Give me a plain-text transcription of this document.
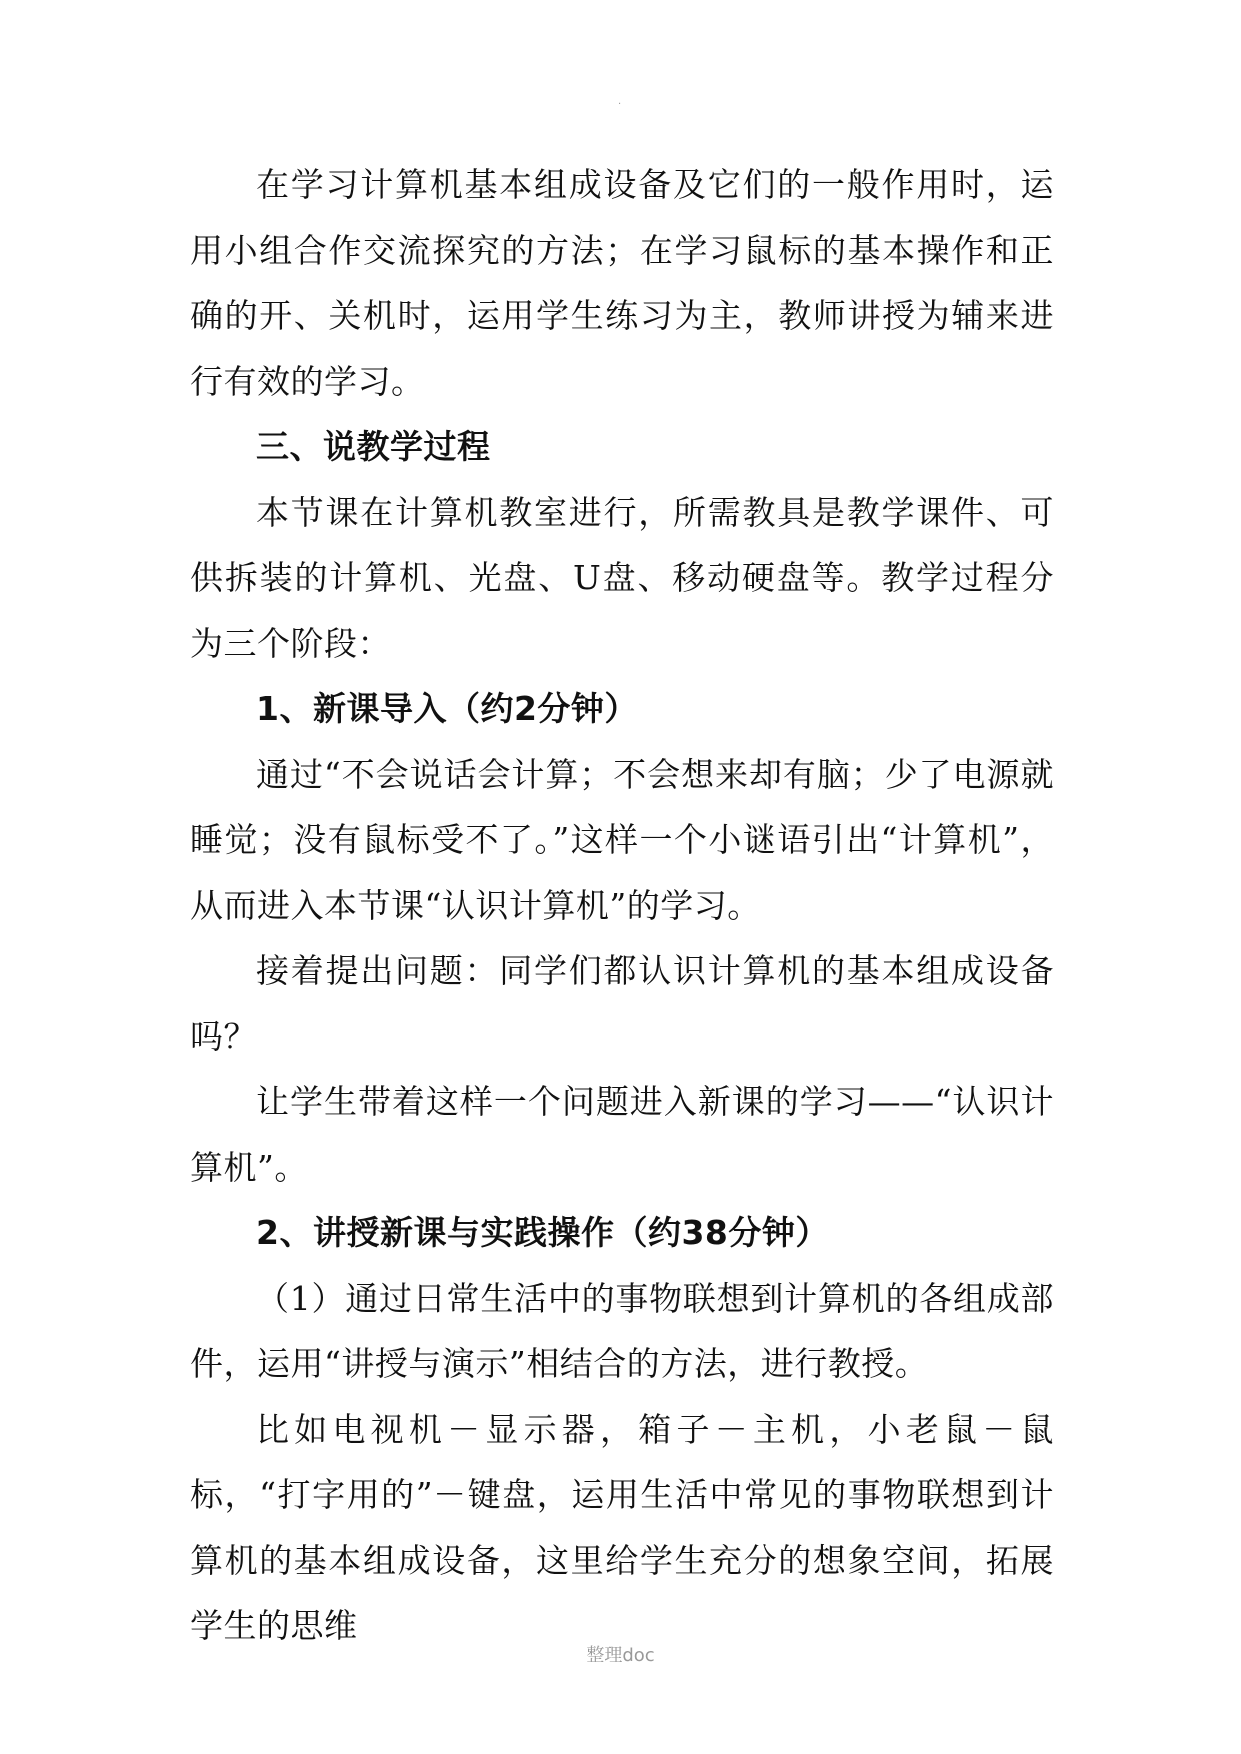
.

在学习计算机基本组成设备及它们的一般作用时，运用小组合作交流探究的方法；在学习鼠标的基本操作和正确的开、关机时，运用学生练习为主，教师讲授为辅来进行有效的学习。

三、说教学过程

本节课在计算机教室进行，所需教具是教学课件、可供拆装的计算机、光盘、U盘、移动硬盘等。教学过程分为三个阶段：

1、新课导入（约2分钟）

通过“不会说话会计算；不会想来却有脑；少了电源就睡觉；没有鼠标受不了。”这样一个小谜语引出“计算机”，从而进入本节课“认识计算机”的学习。

接着提出问题：同学们都认识计算机的基本组成设备吗？

让学生带着这样一个问题进入新课的学习——“认识计算机”。

2、讲授新课与实践操作（约38分钟）

（1）通过日常生活中的事物联想到计算机的各组成部件，运用“讲授与演示”相结合的方法，进行教授。

比如电视机－显示器，箱子－主机，小老鼠－鼠标，“打字用的”－键盘，运用生活中常见的事物联想到计算机的基本组成设备，这里给学生充分的想象空间，拓展学生的思维

整理doc
